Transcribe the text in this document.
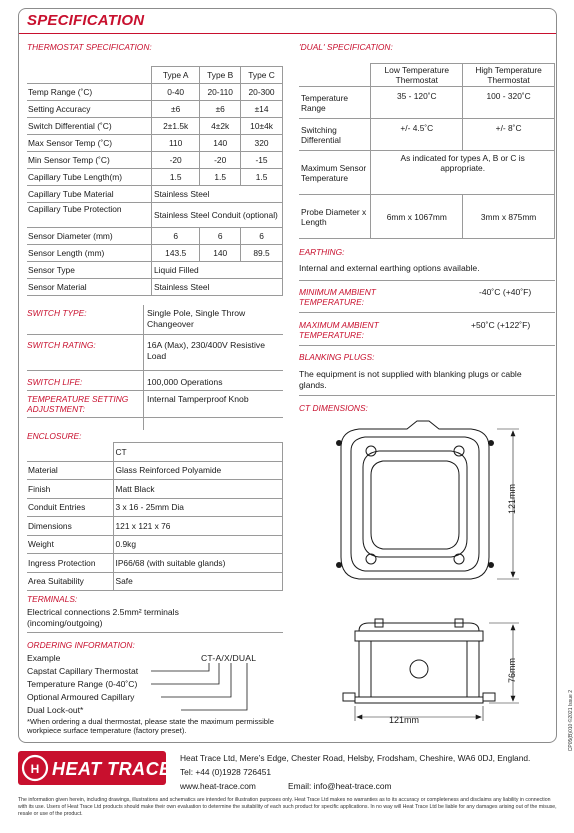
SPECIFICATION
THERMOSTAT SPECIFICATION:
	Type A	Type B	Type C
Temp Range (˚C)	0-40	20-110	20-300
Setting Accuracy	±6	±6	±14
Switch Differential (˚C)	2±1.5k	4±2k	10±4k
Max Sensor Temp (˚C)	110	140	320
Min Sensor Temp (˚C)	-20	-20	-15
Capillary Tube Length(m)	1.5	1.5	1.5
Capillary Tube Material	Stainless Steel		
Capillary Tube Protection	Stainless Steel Conduit (optional)		
Sensor Diameter (mm)	6	6	6
Sensor Length (mm)	143.5	140	89.5
Sensor Type	Liquid Filled		
Sensor Material	Stainless Steel		
SWITCH TYPE:	Single Pole, Single Throw Changeover
SWITCH RATING:	16A (Max), 230/400V Resistive Load
SWITCH LIFE:	100,000 Operations
TEMPERATURE SETTING ADJUSTMENT:
Internal Tamperproof Knob
ENCLOSURE:
	CT
Material	Glass Reinforced Polyamide
Finish	Matt Black
Conduit Entries	3 x 16 - 25mm Dia
Dimensions	121 x 121 x 76
Weight	0.9kg
Ingress Protection	IP66/68 (with suitable glands)
Area Suitability	Safe
TERMINALS:
Electrical connections 2.5mm² terminals (incoming/outgoing)
ORDERING INFORMATION:
Example	CT-A/X/DUAL
Capstat Capillary Thermostat
Temperature Range (0-40˚C)
Optional Armoured Capillary
Dual Lock-out*
*When ordering a dual thermostat, please state the maximum permissible workpiece surface temperature (factory preset).
'DUAL' SPECIFICATION:
	Low Temperature Thermostat	High Temperature Thermostat
Temperature Range	35 - 120˚C	100 - 320˚C
Switching Differential	+/- 4.5˚C	+/- 8˚C
Maximum Sensor Temperature	As indicated for types A, B or C is appropriate.	
Probe Diameter x Length	6mm x 1067mm	3mm x 875mm
EARTHING:
Internal and external earthing options available.
MINIMUM AMBIENT TEMPERATURE:
-40˚C (+40˚F)
MAXIMUM AMBIENT TEMPERATURE:
+50˚C (+122˚F)
BLANKING PLUGS:
The equipment is not supplied with blanking plugs or cable glands.
CT DIMENSIONS:
121mm
121mm
76mm
H HEAT TRACE
Heat Trace Ltd, Mere’s Edge, Chester Road, Helsby, Frodsham, Cheshire, WA6 0DJ, England.
Tel: +44 (0)1928 726451
www.heat-trace.com	Email: info@heat-trace.com
The information given herein, including drawings, illustrations and schematics are intended for illustration purposes only. Heat Trace Ltd makes no warranties as to its accuracy or completeness and disclaims any liability in connection with its use. Users of Heat Trace Ltd products should make their own evaluation to determine the suitability of each such product for specific applications. In no way will Heat Trace Ltd be liable for any damages arising out of the misuse, resale or use of the product.
CP05(B)010 ©2021 Issue 2
